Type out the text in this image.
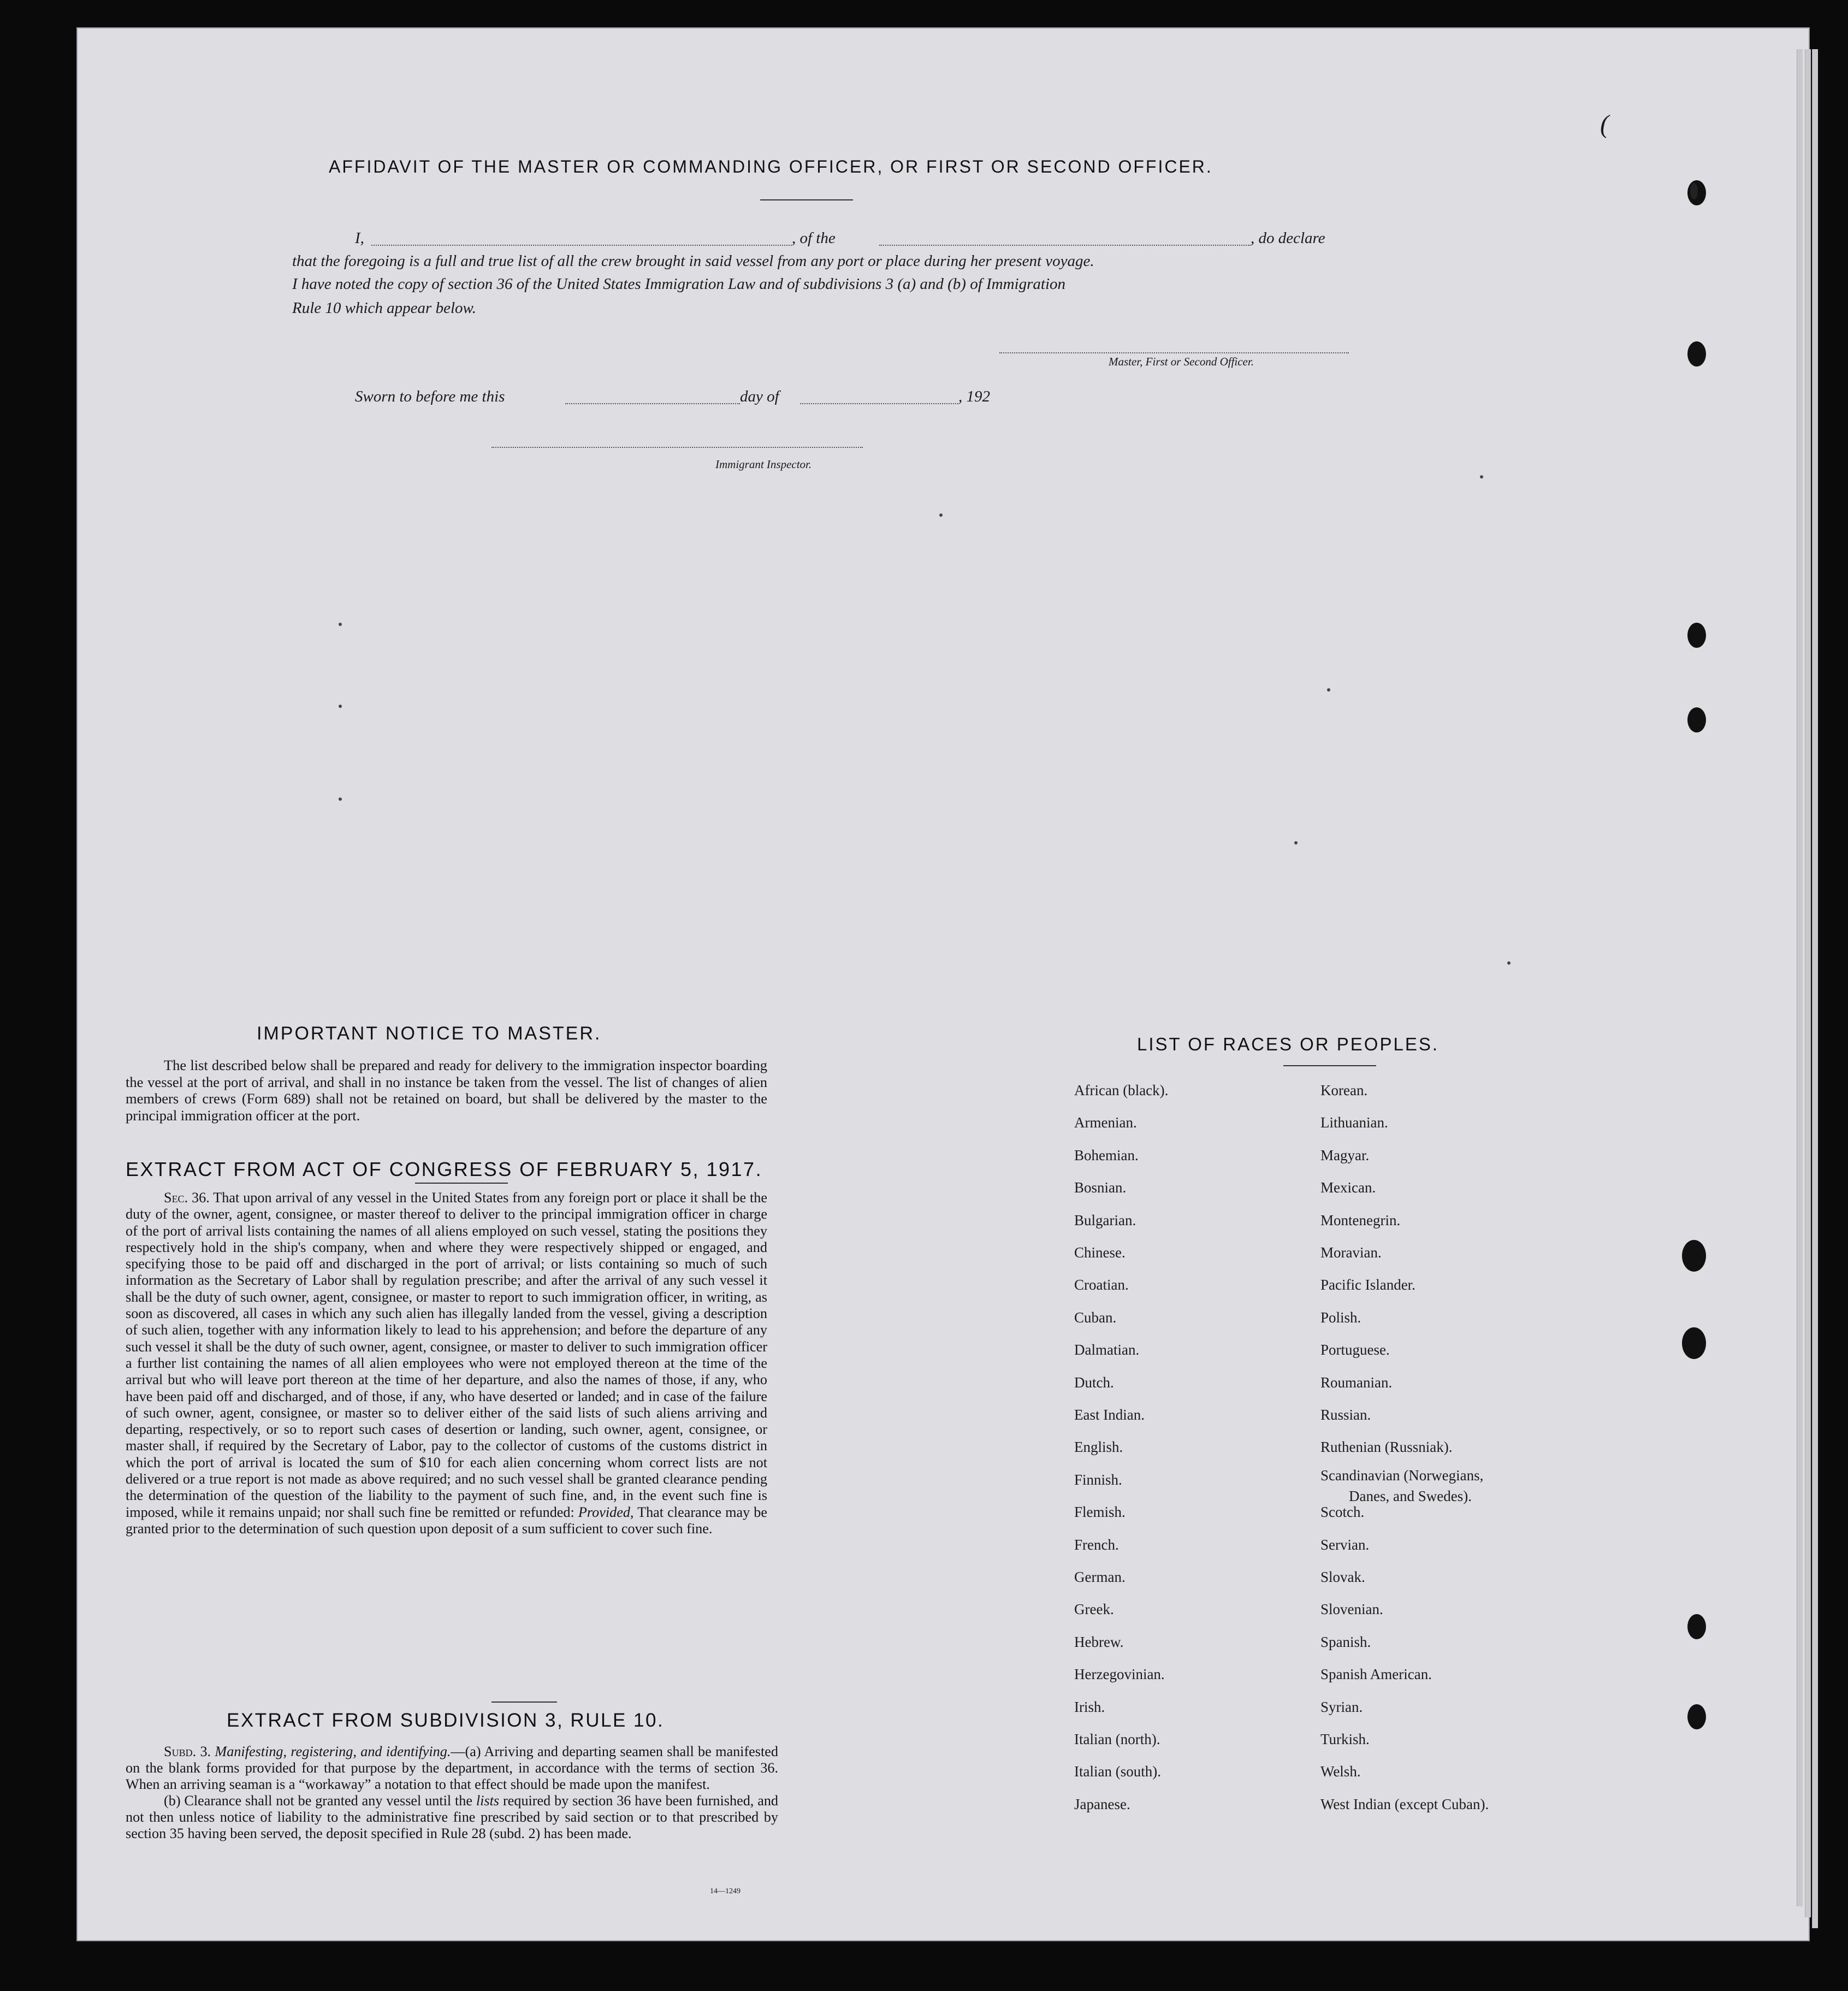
(
AFFIDAVIT OF THE MASTER OR COMMANDING OFFICER, OR FIRST OR SECOND OFFICER.
I,	, of the	, do declare
that the foregoing is a full and true list of all the crew brought in said vessel from any port or place during her present voyage.
I have noted the copy of section 36 of the United States Immigration Law and of subdivisions 3 (a) and (b) of Immigration
Rule 10 which appear below.
Master, First or Second Officer.
Sworn to before me this	day of	, 192
Immigrant Inspector.
IMPORTANT NOTICE TO MASTER.

The list described below shall be prepared and ready for delivery to the immigration inspector boarding the vessel at the port of arrival, and shall in no instance be taken from the vessel. The list of changes of alien members of crews (Form 689) shall not be retained on board, but shall be delivered by the master to the principal immigration officer at the port.

EXTRACT FROM ACT OF CONGRESS OF FEBRUARY 5, 1917.

Sec. 36. That upon arrival of any vessel in the United States from any foreign port or place it shall be the duty of the owner, agent, consignee, or master thereof to deliver to the principal immigration officer in charge of the port of arrival lists containing the names of all aliens employed on such vessel, stating the positions they respectively hold in the ship's company, when and where they were respectively shipped or engaged, and specifying those to be paid off and discharged in the port of arrival; or lists containing so much of such information as the Secretary of Labor shall by regulation prescribe; and after the arrival of any such vessel it shall be the duty of such owner, agent, consignee, or master to report to such immigration officer, in writing, as soon as discovered, all cases in which any such alien has illegally landed from the vessel, giving a description of such alien, together with any information likely to lead to his apprehension; and before the departure of any such vessel it shall be the duty of such owner, agent, consignee, or master to deliver to such immigration officer a further list containing the names of all alien employees who were not employed thereon at the time of the arrival but who will leave port thereon at the time of her departure, and also the names of those, if any, who have been paid off and discharged, and of those, if any, who have deserted or landed; and in case of the failure of such owner, agent, consignee, or master so to deliver either of the said lists of such aliens arriving and departing, respectively, or so to report such cases of desertion or landing, such owner, agent, consignee, or master shall, if required by the Secretary of Labor, pay to the collector of customs of the customs district in which the port of arrival is located the sum of $10 for each alien concerning whom correct lists are not delivered or a true report is not made as above required; and no such vessel shall be granted clearance pending the determination of the question of the liability to the payment of such fine, and, in the event such fine is imposed, while it remains unpaid; nor shall such fine be remitted or refunded: Provided, That clearance may be granted prior to the determination of such question upon deposit of a sum sufficient to cover such fine.

EXTRACT FROM SUBDIVISION 3, RULE 10.

Subd. 3. Manifesting, registering, and identifying.—(a) Arriving and departing seamen shall be manifested on the blank forms provided for that purpose by the department, in accordance with the terms of section 36. When an arriving seaman is a “workaway” a notation to that effect should be made upon the manifest.

(b) Clearance shall not be granted any vessel until the lists required by section 36 have been furnished, and not then unless notice of liability to the administrative fine prescribed by said section or to that prescribed by section 35 having been served, the deposit specified in Rule 28 (subd. 2) has been made.

14—1249
LIST OF RACES OR PEOPLES.
African (black).
Armenian.
Bohemian.
Bosnian.
Bulgarian.
Chinese.
Croatian.
Cuban.
Dalmatian.
Dutch.
East Indian.
English.
Finnish.
Flemish.
French.
German.
Greek.
Hebrew.
Herzegovinian.
Irish.
Italian (north).
Italian (south).
Japanese.
Korean.
Lithuanian.
Magyar.
Mexican.
Montenegrin.
Moravian.
Pacific Islander.
Polish.
Portuguese.
Roumanian.
Russian.
Ruthenian (Russniak).
Scandinavian (Norwegians,
Scotch.
Servian.
Slovak.
Slovenian.
Spanish.
Spanish American.
Syrian.
Turkish.
Welsh.
West Indian (except Cuban).
Danes, and Swedes).
